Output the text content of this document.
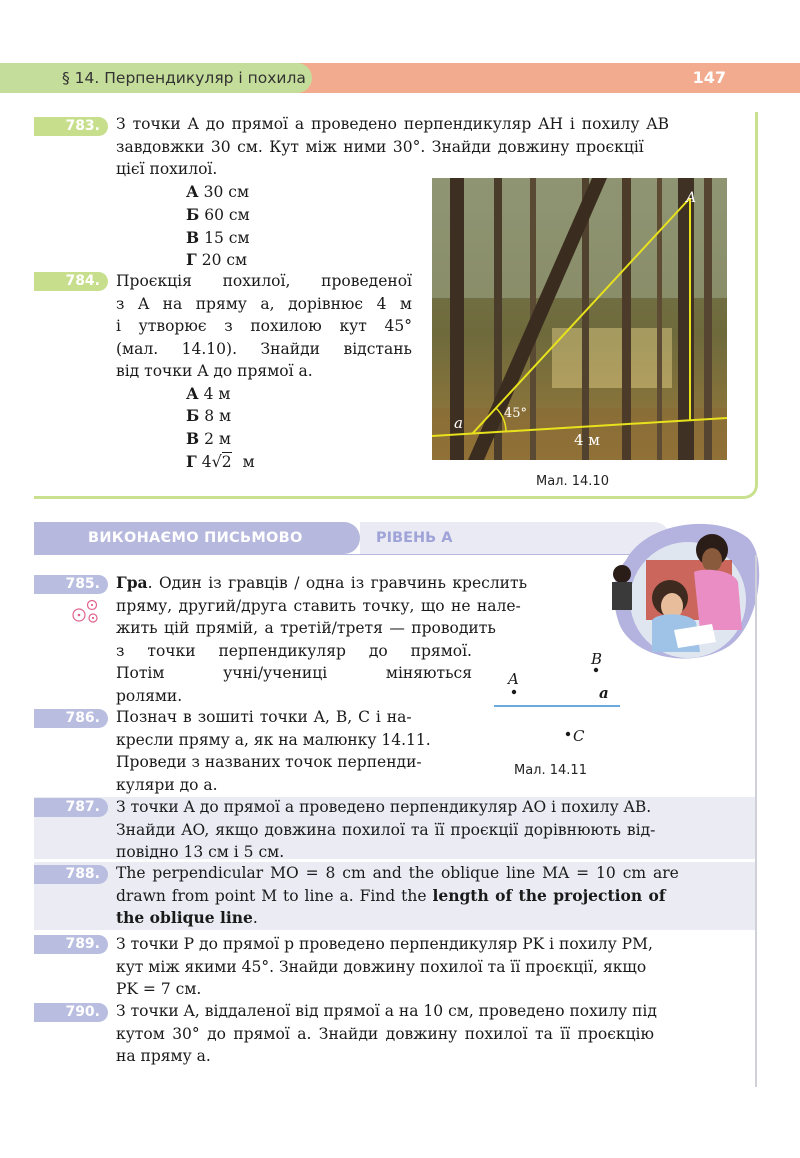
§ 14. Перпендикуляр і похила	147
783.	З точки A до прямої a проведено перпендикуляр AH і похилу AB

завдовжки 30 см. Кут між ними 30°. Знайди довжину проєкції

цієї похилої.

А 30 см
Б 60 см
В 15 см
Г 20 см
784.	Проєкція похилої, проведеної

з A на пряму a, дорівнює 4 м

і утворює з похилою кут 45°

(мал. 14.10). Знайди відстань

від точки A до прямої a.

А 4 м
Б 8 м
В 2 м
Г 4√2 м
a
A
45°
4 м
Мал. 14.10
ВИКОНАЄМО ПИСЬМОВО	РІВЕНЬ А
785.	Гра. Один із гравців / одна із гравчинь креслить

пряму, другий/друга ставить точку, що не нале-

жить цій прямій, а третій/третя — проводить

з точки перпендикуляр до прямої.

Потім учні/учениці міняються

ролями.

A
B
C
a
Мал. 14.11
786.	Познач в зошиті точки A, B, C і на-

кресли пряму a, як на малюнку 14.11.

Проведи з названих точок перпенди-

куляри до a.

787.	З точки A до прямої a проведено перпендикуляр AO і похилу AB.

Знайди AO, якщо довжина похилої та її проєкції дорівнюють від-

повідно 13 см і 5 см.

788.	The perpendicular MO = 8 cm and the oblique line MA = 10 cm are

drawn from point M to line a. Find the length of the projection of

the oblique line.

789.	З точки P до прямої p проведено перпендикуляр PK і похилу PM,

кут між якими 45°. Знайди довжину похилої та її проєкції, якщо

PK = 7 см.

790.	З точки A, віддаленої від прямої a на 10 см, проведено похилу під

кутом 30° до прямої a. Знайди довжину похилої та її проєкцію

на пряму a.
